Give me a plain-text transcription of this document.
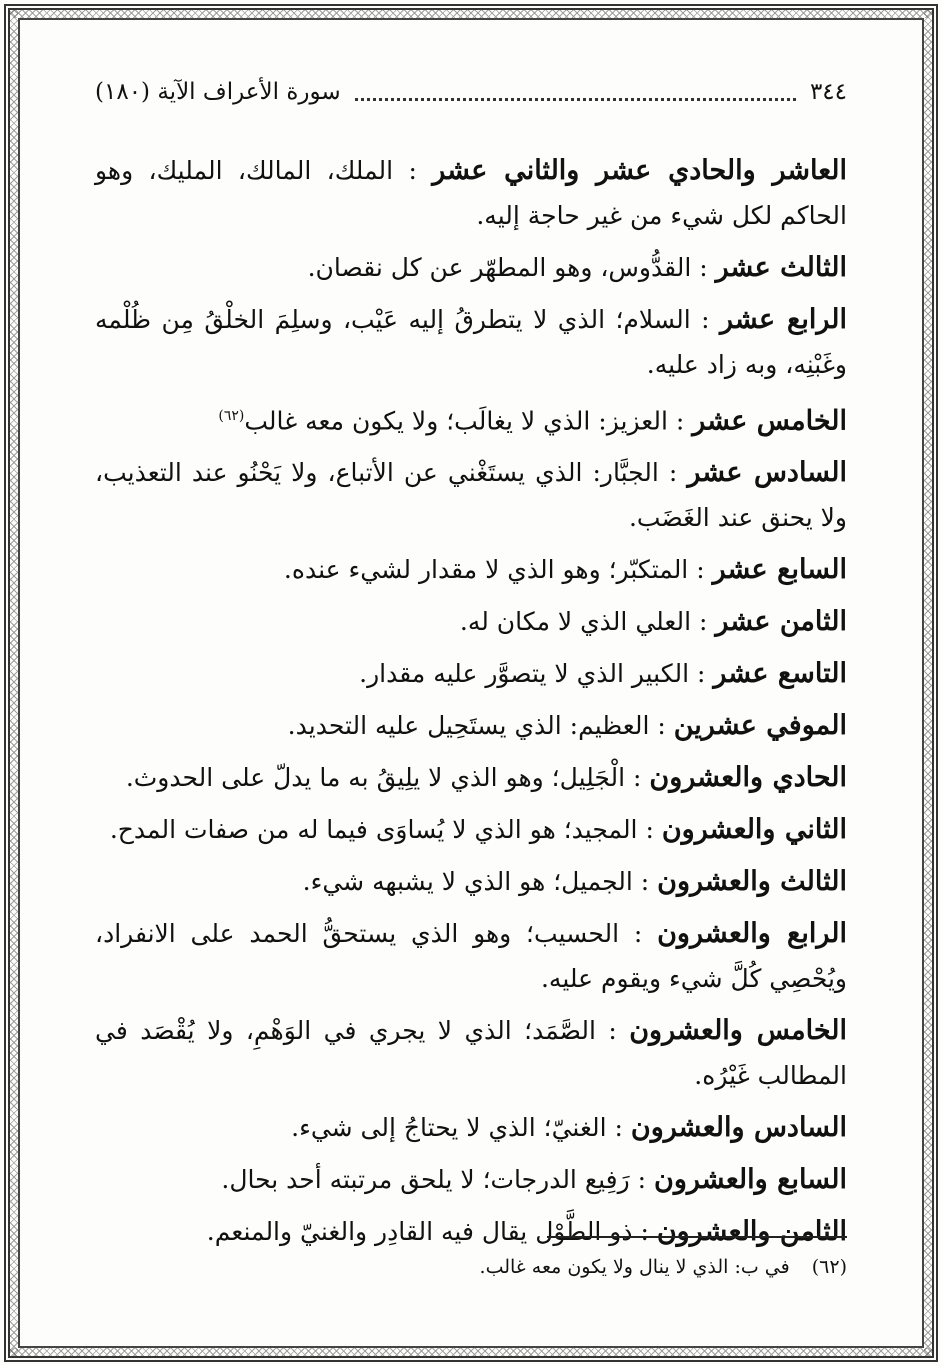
٣٤٤
سورة الأعراف الآية (١٨٠)

العاشر والحادي عشر والثاني عشر : الملك، المالك، المليك، وهو الحاكم لكل شيء من غير حاجة إليه.

الثالث عشر : القدُّوس، وهو المطهّر عن كل نقصان.

الرابع عشر : السلام؛ الذي لا يتطرقُ إليه عَيْب، وسلِمَ الخلْقُ مِن ظُلْمه وغَبْنِه، وبه زاد عليه.

الخامس عشر : العزيز: الذي لا يغالَب؛ ولا يكون معه غالب$^{(٦٢)}$

السادس عشر : الجبَّار: الذي يستَغْني عن الأتباع، ولا يَحْنُو عند التعذيب، ولا يحنق عند الغَضَب.

السابع عشر : المتكبّر؛ وهو الذي لا مقدار لشيء عنده.

الثامن عشر : العلي الذي لا مكان له.

التاسع عشر : الكبير الذي لا يتصوَّر عليه مقدار.

الموفي عشرين : العظيم: الذي يستَحِيل عليه التحديد.

الحادي والعشرون : الْجَلِيل؛ وهو الذي لا يلِيقُ به ما يدلّ على الحدوث.

الثاني والعشرون : المجيد؛ هو الذي لا يُساوَى فيما له من صفات المدح.

الثالث والعشرون : الجميل؛ هو الذي لا يشبهه شيء.

الرابع والعشرون : الحسيب؛ وهو الذي يستحقُّ الحمد على الانفراد، ويُحْصِي كُلَّ شيء ويقوم عليه.

الخامس والعشرون : الصَّمَد؛ الذي لا يجري في الوَهْمِ، ولا يُقْصَد في المطالب غَيْرُه.

السادس والعشرون : الغنيّ؛ الذي لا يحتاجُ إلى شيء.

السابع والعشرون : رَفِيع الدرجات؛ لا يلحق مرتبته أحد بحال.

الثامن والعشرون : ذو الطَّوْل يقال فيه القادِر والغنيّ والمنعم.

(٦٢)
في ب: الذي لا ينال ولا يكون معه غالب.
